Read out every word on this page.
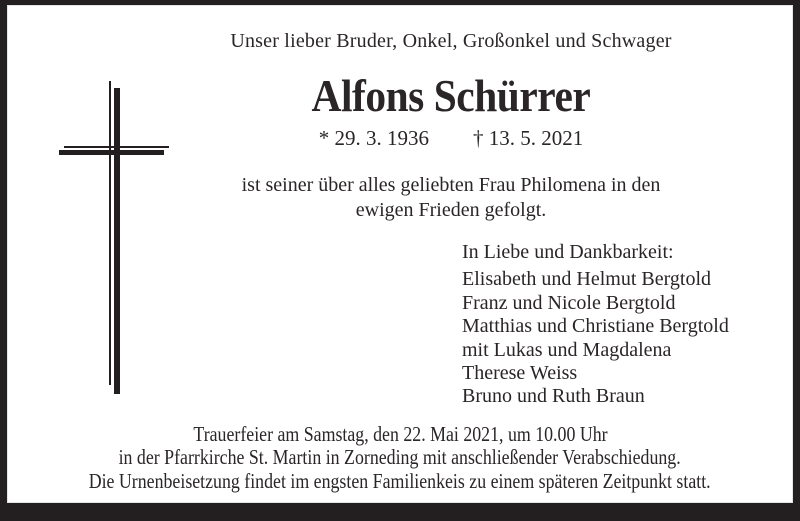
Unser lieber Bruder, Onkel, Großonkel und Schwager
Alfons Schürrer
* 29. 3. 1936 † 13. 5. 2021
ist seiner über alles geliebten Frau Philomena in den
ewigen Frieden gefolgt.
In Liebe und Dankbarkeit:
Elisabeth und Helmut Bergtold
Franz und Nicole Bergtold
Matthias und Christiane Bergtold
mit Lukas und Magdalena
Therese Weiss
Bruno und Ruth Braun
Trauerfeier am Samstag, den 22. Mai 2021, um 10.00 Uhr
in der Pfarrkirche St. Martin in Zorneding mit anschließender Verabschiedung.
Die Urnenbeisetzung findet im engsten Familienkeis zu einem späteren Zeitpunkt statt.
